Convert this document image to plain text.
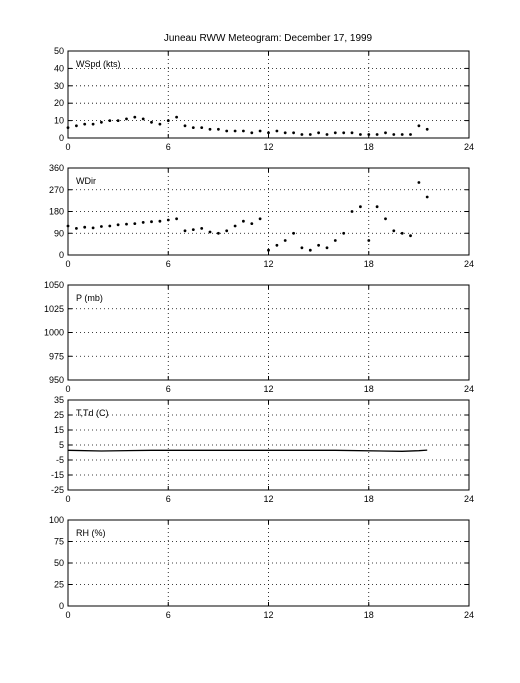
Juneau RWW Meteogram: December 17, 1999
0	6	12	18	24
0
10
20
30
40
50
WSpd (kts)
0	6	12	18	24
0
90
180
270
360
WDir
0	6	12	18	24
950
975
1000
1025
1050
P (mb)
0	6	12	18	24
-25
-15
-5
5
15
25
35
T,Td (C)
0	6	12	18	24
0
25
50
75
100
RH (%)
